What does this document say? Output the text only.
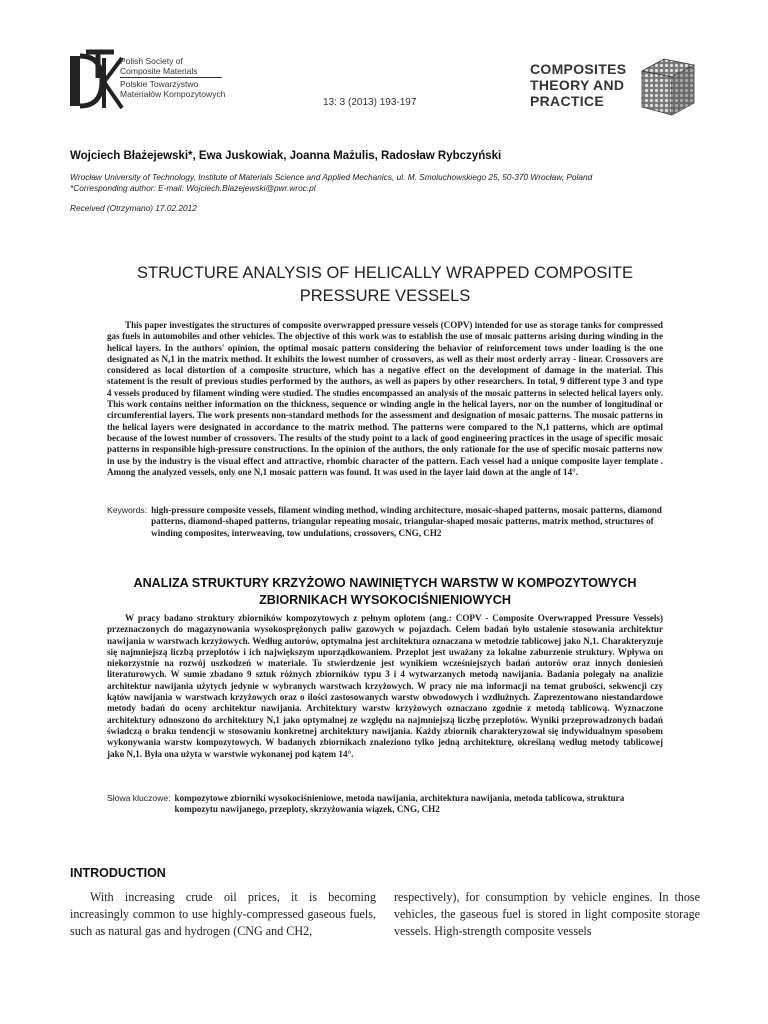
Polish Society of
Composite Materials
Polskie Towarzystwo
Materiałów Kompozytowych
13: 3 (2013) 193-197
COMPOSITES
THEORY AND
PRACTICE
Wojciech Błażejewski*, Ewa Juskowiak, Joanna Mażulis, Radosław Rybczyński
Wrocław University of Technology, Institute of Materials Science and Applied Mechanics, ul. M. Smoluchowskiego 25, 50-370 Wrocław, Poland
*Corresponding author: E-mail: Wojciech.Blazejewski@pwr.wroc.pl
Received (Otrzymano) 17.02.2012
STRUCTURE ANALYSIS OF HELICALLY WRAPPED COMPOSITE
PRESSURE VESSELS

This paper investigates the structures of composite overwrapped pressure vessels (COPV) intended for use as storage tanks for compressed gas fuels in automobiles and other vehicles. The objective of this work was to establish the use of mosaic patterns arising during winding in the helical layers. In the authors' opinion, the optimal mosaic pattern considering the behavior of reinforcement tows under loading is the one designated as N,1 in the matrix method. It exhibits the lowest number of crossovers, as well as their most orderly array - linear. Crossovers are considered as local distortion of a composite structure, which has a negative effect on the development of damage in the material. This statement is the result of previous studies performed by the authors, as well as papers by other researchers. In total, 9 different type 3 and type 4 vessels produced by filament winding were studied. The studies encompassed an analysis of the mosaic patterns in selected helical layers only. This work contains neither information on the thickness, sequence or winding angle in the helical layers, nor on the number of longitudinal or circumferential layers. The work presents non-standard methods for the assessment and designation of mosaic patterns. The mosaic patterns in the helical layers were designated in accordance to the matrix method. The patterns were compared to the N,1 patterns, which are optimal because of the lowest number of crossovers. The results of the study point to a lack of good engineering practices in the usage of specific mosaic patterns in responsible high-pressure constructions. In the opinion of the authors, the only rationale for the use of specific mosaic patterns now in use by the industry is the visual effect and attractive, rhombic character of the pattern. Each vessel had a unique composite layer template . Among the analyzed vessels, only one N,1 mosaic pattern was found. It was used in the layer laid down at the angle of 14°.

Keywords: high-pressure composite vessels, filament winding method, winding architecture, mosaic-shaped patterns, mosaic patterns, diamond patterns, diamond-shaped patterns, triangular repeating mosaic, triangular-shaped mosaic patterns, matrix method, structures of winding composites, interweaving, tow undulations, crossovers, CNG, CH2
ANALIZA STRUKTURY KRZYŻOWO NAWINIĘTYCH WARSTW W KOMPOZYTOWYCH
ZBIORNIKACH WYSOKOCIŚNIENIOWYCH

W pracy badano struktury zbiorników kompozytowych z pełnym oplotem (ang.: COPV - Composite Overwrapped Pressure Vessels) przeznaczonych do magazynowania wysokosprężonych paliw gazowych w pojazdach. Celem badań było ustalenie stosowania architektur nawijania w warstwach krzyżowych. Według autorów, optymalna jest architektura oznaczana w metodzie tablicowej jako N,1. Charakteryzuje się najmniejszą liczbą przeplotów i ich największym uporządkowaniem. Przeplot jest uważany za lokalne zaburzenie struktury. Wpływa on niekorzystnie na rozwój uszkodzeń w materiale. To stwierdzenie jest wynikiem wcześniejszych badań autorów oraz innych doniesień literaturowych. W sumie zbadano 9 sztuk różnych zbiorników typu 3 i 4 wytwarzanych metodą nawijania. Badania polegały na analizie architektur nawijania użytych jedynie w wybranych warstwach krzyżowych. W pracy nie ma informacji na temat grubości, sekwencji czy kątów nawijania w warstwach krzyżowych oraz o ilości zastosowanych warstw obwodowych i wzdłużnych. Zaprezentowano niestandardowe metody badań do oceny architektur nawijania. Architektury warstw krzyżowych oznaczano zgodnie z metodą tablicową. Wyznaczone architektury odnoszono do architektury N,1 jako optymalnej ze względu na najmniejszą liczbę przeplotów. Wyniki przeprowadzonych badań świadczą o braku tendencji w stosowaniu konkretnej architektury nawijania. Każdy zbiornik charakteryzował się indywidualnym sposobem wykonywania warstw kompozytowych. W badanych zbiornikach znaleziono tylko jedną architekturę, określaną według metody tablicowej jako N,1. Była ona użyta w warstwie wykonanej pod kątem 14°.

Słowa kluczowe: kompozytowe zbiorniki wysokociśnieniowe, metoda nawijania, architektura nawijania, metoda tablicowa, struktura kompozytu nawijanego, przeploty, skrzyżowania wiązek, CNG, CH2
INTRODUCTION

With increasing crude oil prices, it is becoming increasingly common to use highly-compressed gaseous fuels, such as natural gas and hydrogen (CNG and CH2,

respectively), for consumption by vehicle engines. In those vehicles, the gaseous fuel is stored in light composite storage vessels. High-strength composite vessels
